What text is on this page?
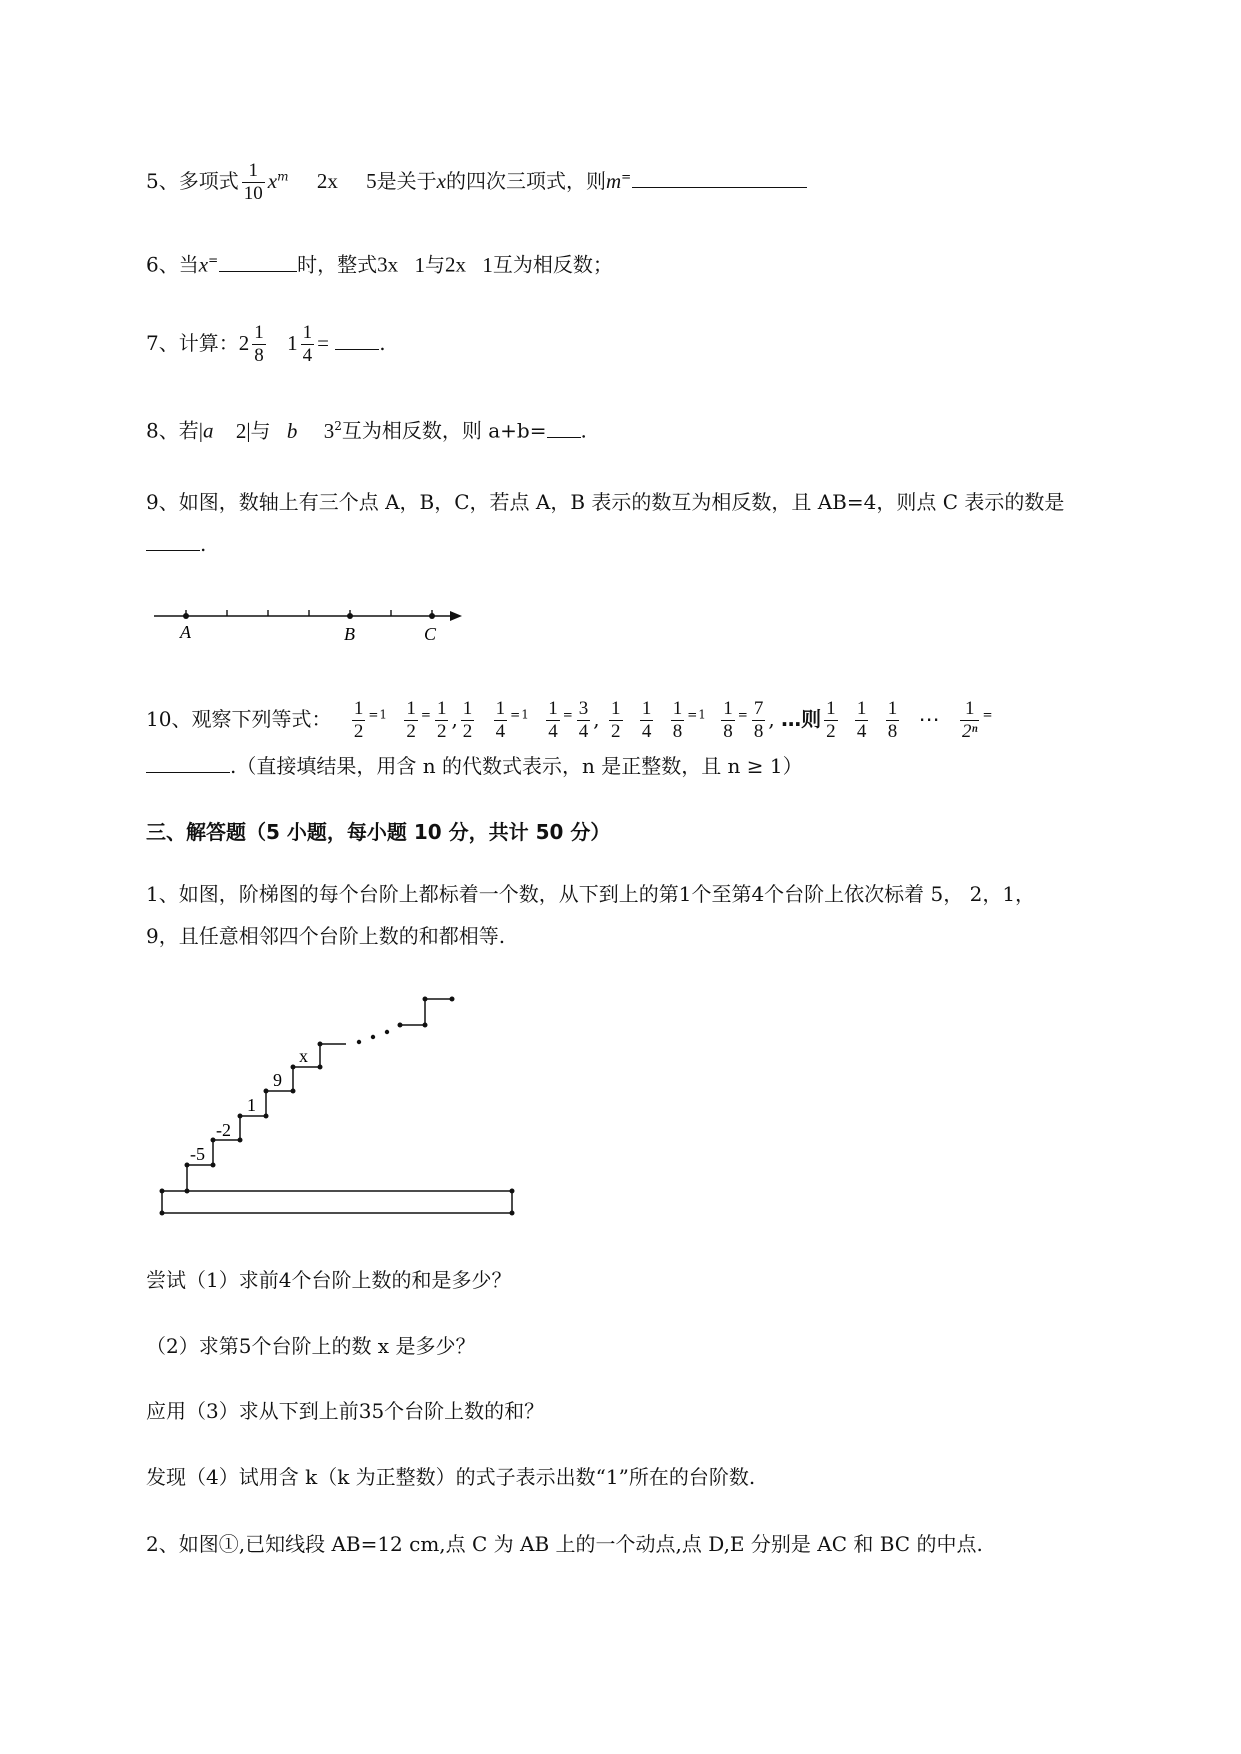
5、多项式 $\frac{1}{10} x^m$ 2x 5是关于x的四次三项式，则m=
6、当x=	时，整式3x 1与2x 1互为相反数；
7、计算：$2 \frac{1}{8} 1 \frac{1}{4}$ =	.
8、若|a 2|与 b $3^2$互为相反数，则 a+b= .
9、如图，数轴上有三个点 A，B，C，若点 A，B 表示的数互为相反数，且 AB=4，则点 C 表示的数是
.
A	B	C
10、观察下列等式： $\frac{1}{2} ^{=1} \frac{1}{2} ^= \frac{1}{2}$ , $\frac{1}{2}$
$\frac{1}{4} ^{=1} \frac{1}{4} ^= \frac{3}{4}$ , $\frac{1}{2}$
$\frac{1}{4}$
$\frac{1}{8} ^{=1} \frac{1}{8} ^= \frac{7}{8}$ , …则 $\frac{1}{2}$
$\frac{1}{4}$
$\frac{1}{8}$ ⋯ $\frac{1}{\text{2ⁿ}} ^=$
.（直接填结果，用含 n 的代数式表示，n 是正整数，且 n ≥ 1）
三、解答题（5 小题，每小题 10 分，共计 50 分）
1、如图，阶梯图的每个台阶上都标着一个数，从下到上的第1个至第4个台阶上依次标着 5， 2，1，
9，且任意相邻四个台阶上数的和都相等.
-5
-2
1
9
x
尝试（1）求前4个台阶上数的和是多少？
（2）求第5个台阶上的数 x 是多少？
应用（3）求从下到上前35个台阶上数的和？
发现（4）试用含 k（k 为正整数）的式子表示出数“1”所在的台阶数.
2、如图①,已知线段 AB=12 cm,点 C 为 AB 上的一个动点,点 D,E 分别是 AC 和 BC 的中点.
